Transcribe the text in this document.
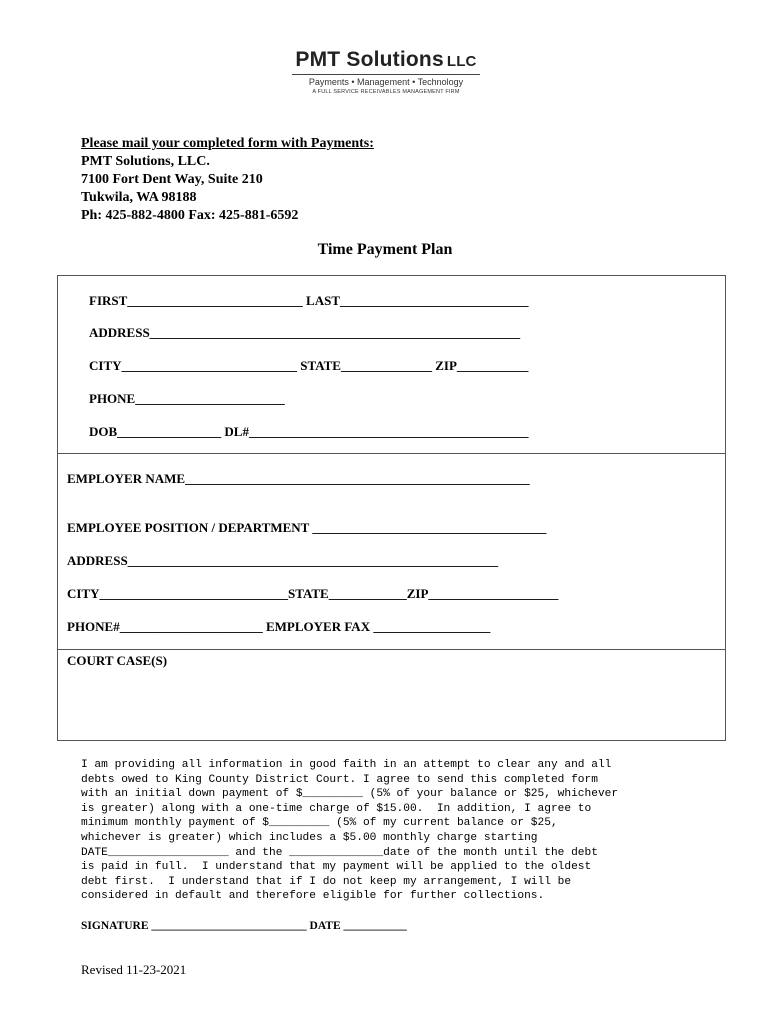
PMT Solutions LLC
Payments • Management • Technology
A FULL SERVICE RECEIVABLES MANAGEMENT FIRM
Please mail your completed form with Payments:
PMT Solutions, LLC.
7100 Fort Dent Way, Suite 210
Tukwila, WA 98188
Ph: 425-882-4800 Fax: 425-881-6592
Time Payment Plan
FIRST___________________________ LAST_____________________________
ADDRESS_________________________________________________________
CITY___________________________ STATE______________ ZIP___________
PHONE_______________________
DOB________________ DL#___________________________________________
EMPLOYER NAME_____________________________________________________
EMPLOYEE POSITION / DEPARTMENT ____________________________________
ADDRESS_________________________________________________________
CITY_____________________________STATE____________ZIP____________________
PHONE#______________________ EMPLOYER FAX __________________
COURT CASE(S)
I am providing all information in good faith in an attempt to clear any and all
debts owed to King County District Court. I agree to send this completed form
with an initial down payment of $_________ (5% of your balance or $25, whichever
is greater) along with a one-time charge of $15.00.  In addition, I agree to
minimum monthly payment of $_________ (5% of my current balance or $25,
whichever is greater) which includes a $5.00 monthly charge starting
DATE__________________ and the ______________date of the month until the debt
is paid in full.  I understand that my payment will be applied to the oldest
debt first.  I understand that if I do not keep my arrangement, I will be
considered in default and therefore eligible for further collections.
SIGNATURE ___________________________ DATE ___________
Revised 11-23-2021
